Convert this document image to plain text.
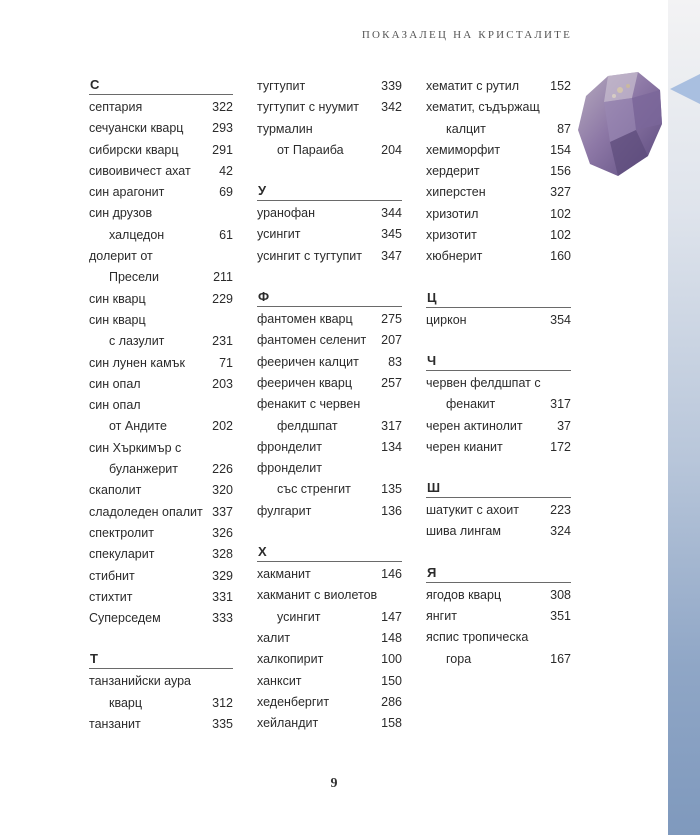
ПОКАЗАЛЕЦ НА КРИСТАЛИТЕ
С
септария	322
сечуански кварц 293
сибирски кварц	291
сивоивичест ахат 42
син арагонит	69
син друзов
халцедон	61
долерит от
Пресели	211
син кварц	229
син кварц
с лазулит	231
син лунен камък	71
син опал	203
син опал
от Андите	202
син Хъркимър с
буланжерит	226
скаполит	320
сладоледен опалит 337
спектролит	326
спекуларит	328
стибнит	329
стихтит	331
Суперседем	333
Т
танзанийски аура
кварц	312
танзанит	335
тугтупит	339
тугтупит с нуумит 342
турмалин
от Параиба	204
У
уранофан	344
усингит	345
усингит с тугтупит 347
Ф
фантомен кварц 275
фантомен селенит 207
фееричен калцит 83
фееричен кварц 257
фенакит с червен
фелдшпат	317
фронделит	134
фронделит
със стренгит 135
фулгарит	136
Х
хакманит	146
хакманит с виолетов
усингит	147
халит	148
халкопирит	100
ханксит	150
хеденбергит	286
хейландит	158
хематит с рутил 152
хематит, съдържащ
калцит	87
хемиморфит	154
хердерит	156
хиперстен	327
хризотил	102
хризотит	102
хюбнерит	160
Ц
циркон	354
Ч
червен фелдшпат с
фенакит	317
черен актинолит	37
черен кианит	172
Ш
шатукит с ахоит 223
шива лингам	324
Я
ягодов кварц	308
янгит	351
яспис тропическа
гора	167
9
